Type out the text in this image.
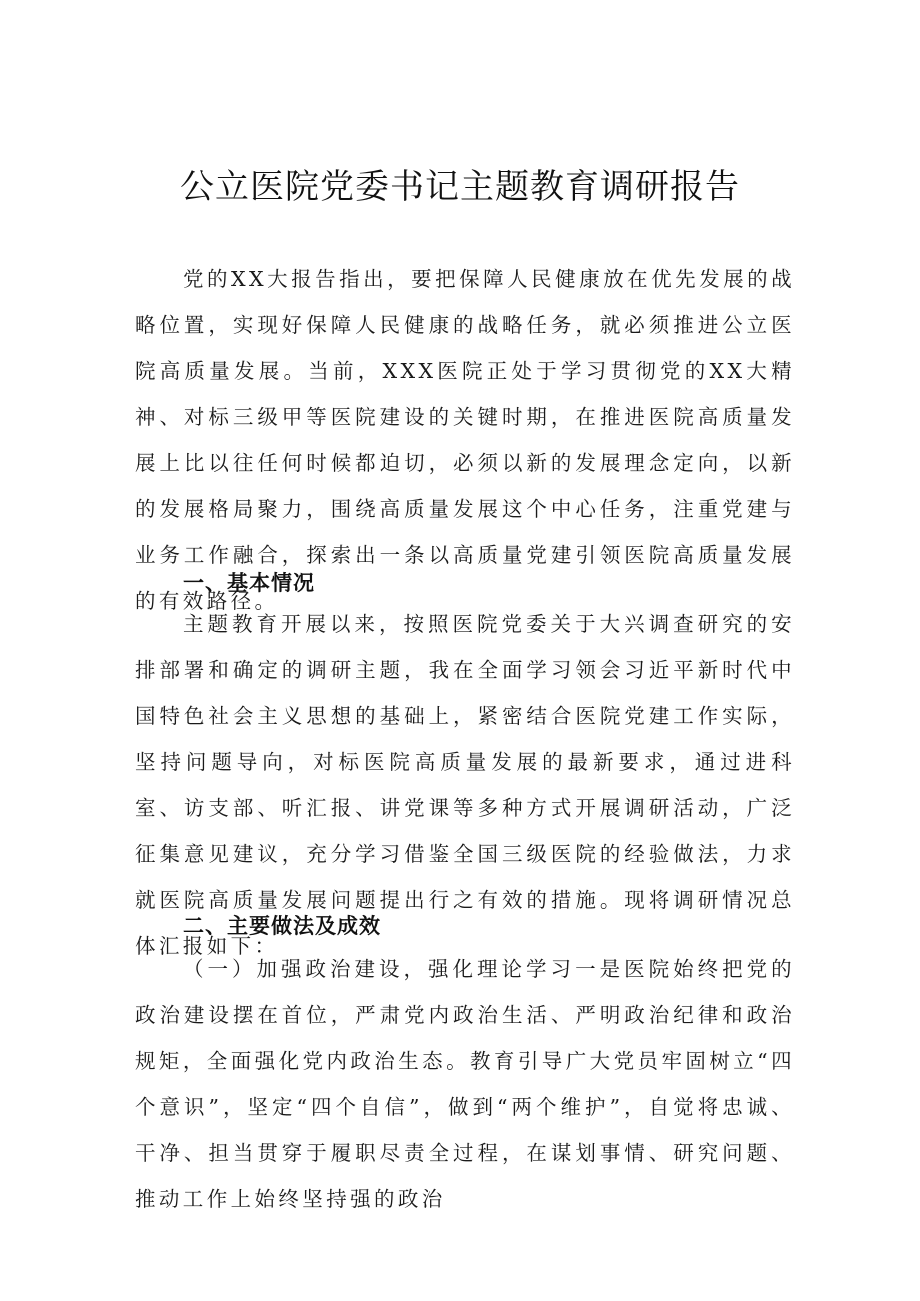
公立医院党委书记主题教育调研报告

党的XX大报告指出，要把保障人民健康放在优先发展的战略位置，实现好保障人民健康的战略任务，就必须推进公立医院高质量发展。当前，XXX医院正处于学习贯彻党的XX大精神、对标三级甲等医院建设的关键时期，在推进医院高质量发展上比以往任何时候都迫切，必须以新的发展理念定向，以新的发展格局聚力，围绕高质量发展这个中心任务，注重党建与业务工作融合，探索出一条以高质量党建引领医院高质量发展的有效路径。

一、基本情况

主题教育开展以来，按照医院党委关于大兴调查研究的安排部署和确定的调研主题，我在全面学习领会习近平新时代中国特色社会主义思想的基础上，紧密结合医院党建工作实际，坚持问题导向，对标医院高质量发展的最新要求，通过进科室、访支部、听汇报、讲党课等多种方式开展调研活动，广泛征集意见建议，充分学习借鉴全国三级医院的经验做法，力求就医院高质量发展问题提出行之有效的措施。现将调研情况总体汇报如下：

二、主要做法及成效

（一）加强政治建设，强化理论学习一是医院始终把党的政治建设摆在首位，严肃党内政治生活、严明政治纪律和政治规矩，全面强化党内政治生态。教育引导广大党员牢固树立“四个意识”，坚定“四个自信”，做到“两个维护”，自觉将忠诚、干净、担当贯穿于履职尽责全过程，在谋划事情、研究问题、推动工作上始终坚持强的政治
